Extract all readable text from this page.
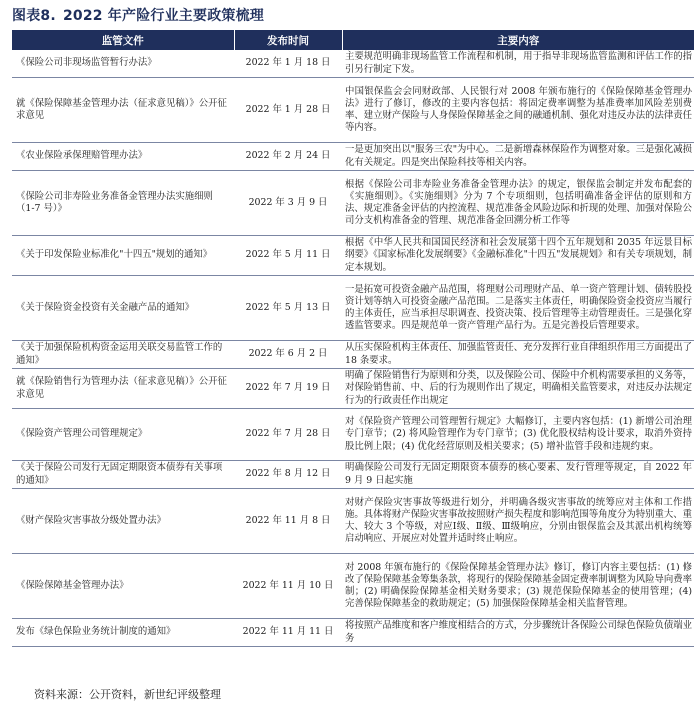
图表8. 2022 年产险行业主要政策梳理
监管文件	发布时间	主要内容
《保险公司非现场监管暂行办法》	2022 年 1 月 18 日	主要规范明确非现场监管工作流程和机制，用于指导非现场监管监测和评估工作的指引另行制定下发。
就《保险保障基金管理办法（征求意见稿）》公开征求意见	2022 年 1 月 28 日	中国银保监会会同财政部、人民银行对 2008 年颁布施行的《保险保障基金管理办法》进行了修订，修改的主要内容包括：将固定费率调整为基准费率加风险差别费率、建立财产保险与人身保险保障基金之间的融通机制、强化对违反办法的法律责任等内容。
《农业保险承保理赔管理办法》	2022 年 2 月 24 日	一是更加突出以"服务三农"为中心。二是新增森林保险作为调整对象。三是强化减损化有关规定。四是突出保险科技等相关内容。
《保险公司非寿险业务准备金管理办法实施细则（1-7 号）》	2022 年 3 月 9 日	根据《保险公司非寿险业务准备金管理办法》的规定，银保监会制定并发布配套的《实施细则》。《实施细则》分为 7 个专项细则，包括明确准备金评估的原则和方法、规定准备金评估的内控流程、规范准备金风险边际和折现的处理、加强对保险公司分支机构准备金的管理、规范准备金回溯分析工作等
《关于印发保险业标准化"十四五"规划的通知》	2022 年 5 月 11 日	根据《中华人民共和国国民经济和社会发展第十四个五年规划和 2035 年远景目标纲要》《国家标准化发展纲要》《金融标准化"十四五"发展规划》和有关专项规划，制定本规划。
《关于保险资金投资有关金融产品的通知》	2022 年 5 月 13 日	一是拓宽可投资金融产品范围，将理财公司理财产品、单一资产管理计划、债转股投资计划等纳入可投资金融产品范围。二是落实主体责任，明确保险资金投资应当履行的主体责任，应当承担尽职调查、投资决策、投后管理等主动管理责任。三是强化穿透监管要求。四是规范单一资产管理产品行为。五是完善投后管理要求。
《关于加强保险机构资金运用关联交易监管工作的通知》	2022 年 6 月 2 日	从压实保险机构主体责任、加强监管责任、充分发挥行业自律组织作用三方面提出了 18 条要求。
就《保险销售行为管理办法（征求意见稿）》公开征求意见	2022 年 7 月 19 日	明确了保险销售行为原则和分类，以及保险公司、保险中介机构需要承担的义务等，对保险销售前、中、后的行为规则作出了规定，明确相关监管要求，对违反办法规定行为的行政责任作出规定
《保险资产管理公司管理规定》	2022 年 7 月 28 日	对《保险资产管理公司管理暂行规定》大幅修订，主要内容包括：(1) 新增公司治理专门章节；(2) 将风险管理作为专门章节；(3) 优化股权结构设计要求，取消外资持股比例上限；(4) 优化经营原则及相关要求；(5) 增补监管手段和违规约束。
《关于保险公司发行无固定期限资本债券有关事项的通知》	2022 年 8 月 12 日	明确保险公司发行无固定期限资本债券的核心要素、发行管理等规定，自 2022 年 9 月 9 日起实施
《财产保险灾害事故分级处置办法》	2022 年 11 月 8 日	对财产保险灾害事故等级进行划分，并明确各级灾害事故的统筹应对主体和工作措施。具体将财产保险灾害事故按照财产损失程度和影响范围等角度分为特别重大、重大、较大 3 个等级，对应Ⅰ级、Ⅱ级、Ⅲ级响应，分别由银保监会及其派出机构统筹启动响应、开展应对处置并适时终止响应。
《保险保障基金管理办法》	2022 年 11 月 10 日	对 2008 年颁布施行的《保险保障基金管理办法》修订，修订内容主要包括：(1) 修改了保险保障基金筹集条款，将现行的保险保障基金固定费率制调整为风险导向费率制；(2) 明确保险保障基金相关财务要求；(3) 规范保险保障基金的使用管理；(4) 完善保险保障基金的救助规定；(5) 加强保险保障基金相关监督管理。
发布《绿色保险业务统计制度的通知》	2022 年 11 月 11 日	将按照产品维度和客户维度相结合的方式，分步骤统计各保险公司绿色保险负债端业务
资料来源：公开资料，新世纪评级整理
